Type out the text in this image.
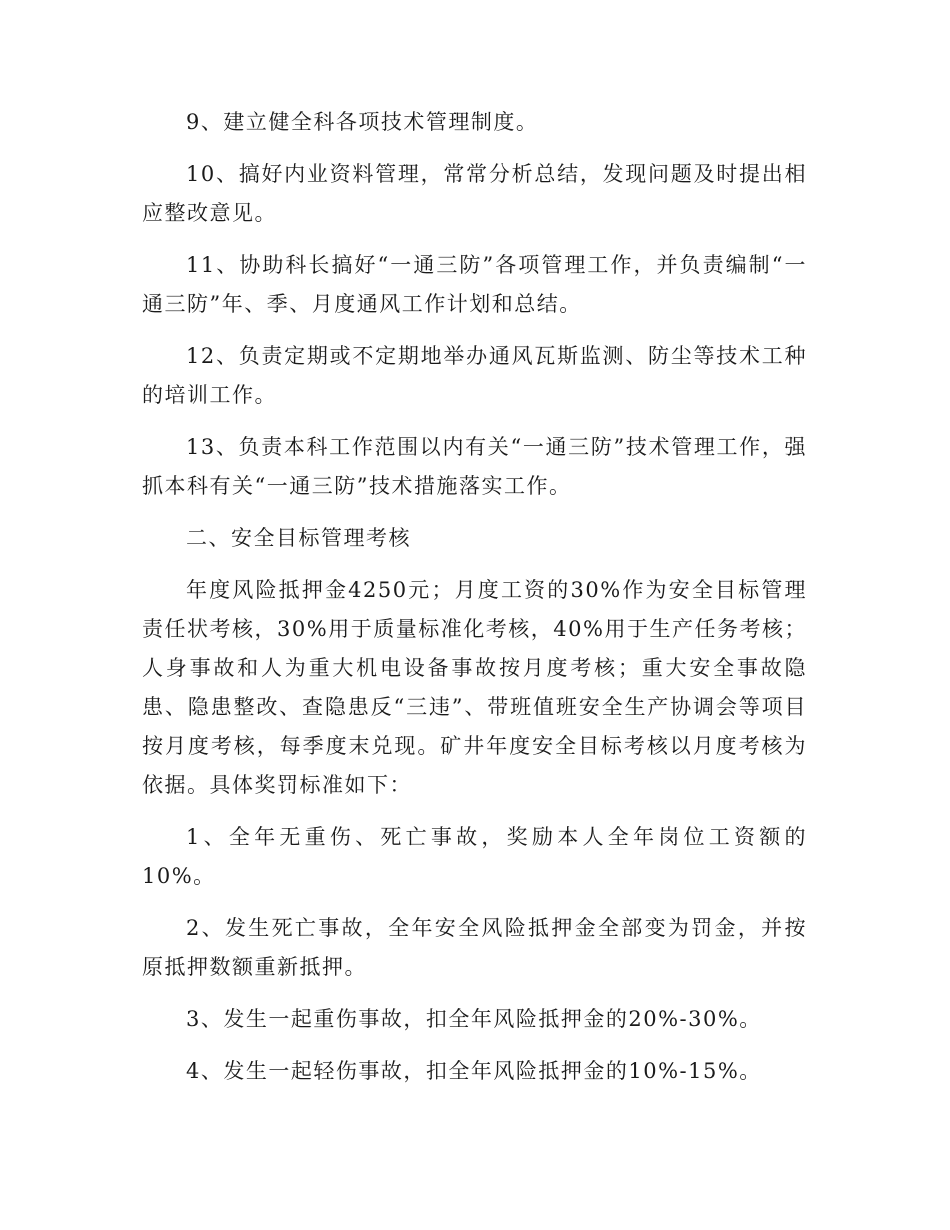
9、建立健全科各项技术管理制度。

10、搞好内业资料管理，常常分析总结，发现问题及时提出相应整改意见。

11、协助科长搞好“一通三防”各项管理工作，并负责编制“一通三防”年、季、月度通风工作计划和总结。

12、负责定期或不定期地举办通风瓦斯监测、防尘等技术工种的培训工作。

13、负责本科工作范围以内有关“一通三防”技术管理工作，强抓本科有关“一通三防”技术措施落实工作。

二、安全目标管理考核

年度风险抵押金4250元；月度工资的30%作为安全目标管理责任状考核，30%用于质量标准化考核，40%用于生产任务考核；人身事故和人为重大机电设备事故按月度考核；重大安全事故隐患、隐患整改、查隐患反“三违”、带班值班安全生产协调会等项目按月度考核，每季度末兑现。矿井年度安全目标考核以月度考核为依据。具体奖罚标准如下：

1、全年无重伤、死亡事故，奖励本人全年岗位工资额的10%。

2、发生死亡事故，全年安全风险抵押金全部变为罚金，并按原抵押数额重新抵押。

3、发生一起重伤事故，扣全年风险抵押金的20%-30%。

4、发生一起轻伤事故，扣全年风险抵押金的10%-15%。
